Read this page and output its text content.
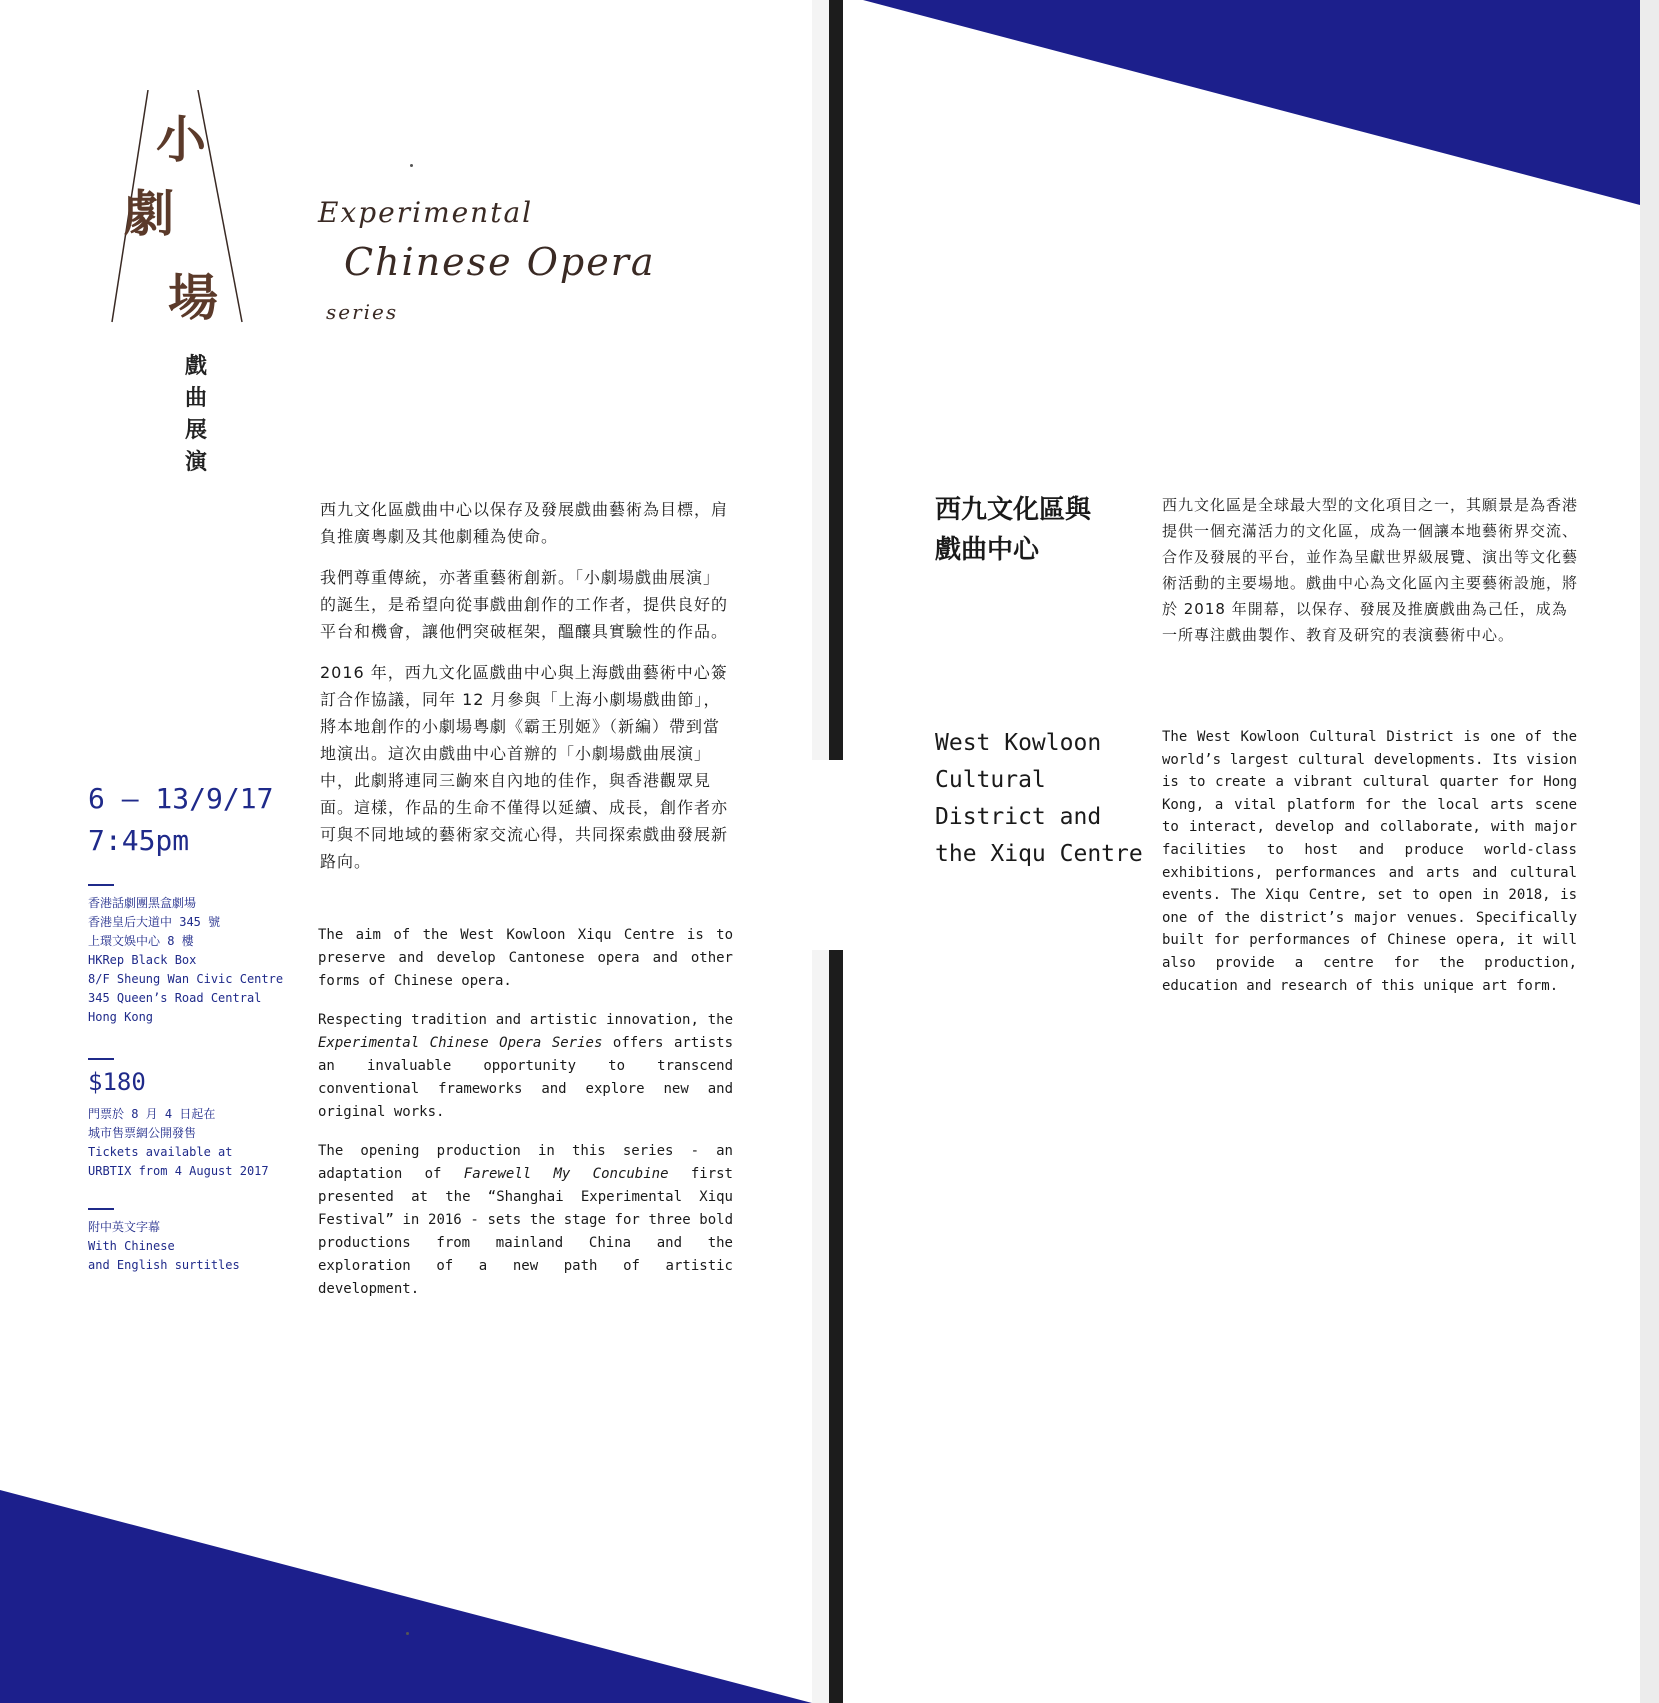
小
劇
場
戲
曲
展
演
Experimental
Chinese Opera
series

西九文化區戲曲中心以保存及發展戲曲藝術為目標，肩負推廣粵劇及其他劇種為使命。

我們尊重傳統，亦著重藝術創新。「小劇場戲曲展演」的誕生，是希望向從事戲曲創作的工作者，提供良好的平台和機會，讓他們突破框架，醞釀具實驗性的作品。

2016 年，西九文化區戲曲中心與上海戲曲藝術中心簽訂合作協議，同年 12 月參與「上海小劇場戲曲節」，將本地創作的小劇場粵劇《霸王別姬》（新編）帶到當地演出。這次由戲曲中心首辦的「小劇場戲曲展演」中，此劇將連同三齣來自內地的佳作，與香港觀眾見面。這樣，作品的生命不僅得以延續、成長，創作者亦可與不同地域的藝術家交流心得，共同探索戲曲發展新路向。

6 – 13/9/17
7:45pm
香港話劇團黑盒劇場
香港皇后大道中 345 號
上環文娛中心 8 樓
HKRep Black Box
8/F Sheung Wan Civic Centre
345 Queen’s Road Central
Hong Kong
$180
門票於 8 月 4 日起在
城市售票網公開發售
Tickets available at
URBTIX from 4 August 2017
附中英文字幕
With Chinese
and English surtitles

The aim of the West Kowloon Xiqu Centre is to preserve and develop Cantonese opera and other forms of Chinese opera.

Respecting tradition and artistic innovation, the Experimental Chinese Opera Series offers artists an invaluable opportunity to transcend conventional frameworks and explore new and original works.

The opening production in this series - an adaptation of Farewell My Concubine first presented at the “Shanghai Experimental Xiqu Festival” in 2016 - sets the stage for three bold productions from mainland China and the exploration of a new path of artistic development.

西九文化區與
戲曲中心
西九文化區是全球最大型的文化項目之一，其願景是為香港提供一個充滿活力的文化區，成為一個讓本地藝術界交流、合作及發展的平台，並作為呈獻世界級展覽、演出等文化藝術活動的主要場地。戲曲中心為文化區內主要藝術設施，將於 2018 年開幕，以保存、發展及推廣戲曲為己任，成為一所專注戲曲製作、教育及研究的表演藝術中心。
West Kowloon
Cultural
District and
the Xiqu Centre
The West Kowloon Cultural District is one of the world’s largest cultural developments. Its vision is to create a vibrant cultural quarter for Hong Kong, a vital platform for the local arts scene to interact, develop and collaborate, with major facilities to host and produce world-class exhibitions, performances and arts and cultural events. The Xiqu Centre, set to open in 2018, is one of the district’s major venues. Specifically built for performances of Chinese opera, it will also provide a centre for the production, education and research of this unique art form.
